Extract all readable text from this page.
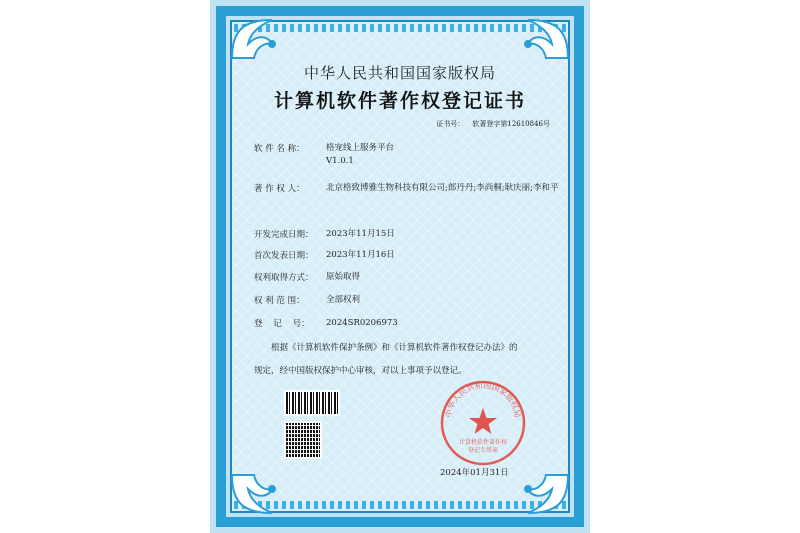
中华人民共和国国家版权局
计算机软件著作权登记证书
证书号： 软著登字第12610846号
软 件 名 称：	格宠线上服务平台
V1.0.1
著 作 权 人：	北京格致博雅生物科技有限公司;郎丹丹;李尚桐;耿庆丽;李和平
开发完成日期： 2023年11月15日
首次发表日期： 2023年11月16日
权利取得方式： 原始取得
权 利 范 围：	全部权利
登    记    号： 2024SR0206973
根据《计算机软件保护条例》和《计算机软件著作权登记办法》的
规定，经中国版权保护中心审核，对以上事项予以登记。
中华人民共和国国家版权局
计算机软件著作权
登记专用章
2024年01月31日
